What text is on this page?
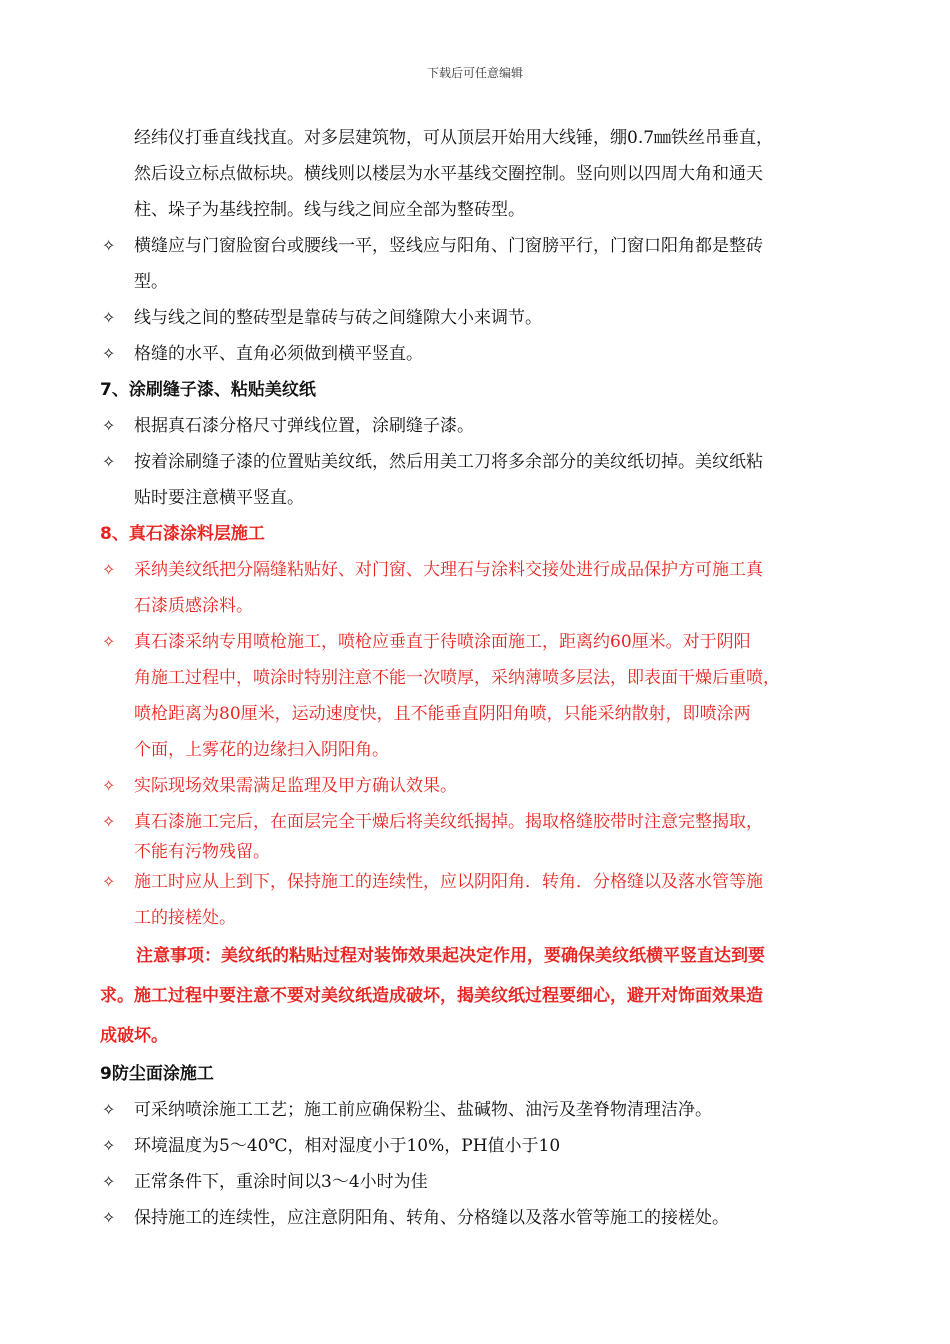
下载后可任意编辑
经纬仪打垂直线找直。对多层建筑物，可从顶层开始用大线锤，绷0.7㎜铁丝吊垂直，
然后设立标点做标块。横线则以楼层为水平基线交圈控制。竖向则以四周大角和通天
柱、垛子为基线控制。线与线之间应全部为整砖型。
✧ 横缝应与门窗脸窗台或腰线一平，竖线应与阳角、门窗膀平行，门窗口阳角都是整砖
型。
✧ 线与线之间的整砖型是靠砖与砖之间缝隙大小来调节。
✧ 格缝的水平、直角必须做到横平竖直。
7、涂刷缝子漆、粘贴美纹纸
✧ 根据真石漆分格尺寸弹线位置，涂刷缝子漆。
✧ 按着涂刷缝子漆的位置贴美纹纸，然后用美工刀将多余部分的美纹纸切掉。美纹纸粘
贴时要注意横平竖直。
8、真石漆涂料层施工
✧ 采纳美纹纸把分隔缝粘贴好、对门窗、大理石与涂料交接处进行成品保护方可施工真
石漆质感涂料。
✧ 真石漆采纳专用喷枪施工，喷枪应垂直于待喷涂面施工，距离约60厘米。对于阴阳
角施工过程中，喷涂时特别注意不能一次喷厚，采纳薄喷多层法，即表面干燥后重喷，
喷枪距离为80厘米，运动速度快，且不能垂直阴阳角喷，只能采纳散射，即喷涂两
个面，上雾花的边缘扫入阴阳角。
✧ 实际现场效果需满足监理及甲方确认效果。
✧ 真石漆施工完后，在面层完全干燥后将美纹纸揭掉。揭取格缝胶带时注意完整揭取，
不能有污物残留。
✧ 施工时应从上到下，保持施工的连续性，应以阴阳角．转角．分格缝以及落水管等施
工的接槎处。
注意事项：美纹纸的粘贴过程对装饰效果起决定作用，要确保美纹纸横平竖直达到要
求。施工过程中要注意不要对美纹纸造成破坏，揭美纹纸过程要细心，避开对饰面效果造
成破坏。
9防尘面涂施工
✧ 可采纳喷涂施工工艺；施工前应确保粉尘、盐碱物、油污及垄脊物清理洁净。
✧ 环境温度为5～40℃，相对湿度小于10%，PH值小于10
✧ 正常条件下，重涂时间以3～4小时为佳
✧ 保持施工的连续性，应注意阴阳角、转角、分格缝以及落水管等施工的接槎处。
